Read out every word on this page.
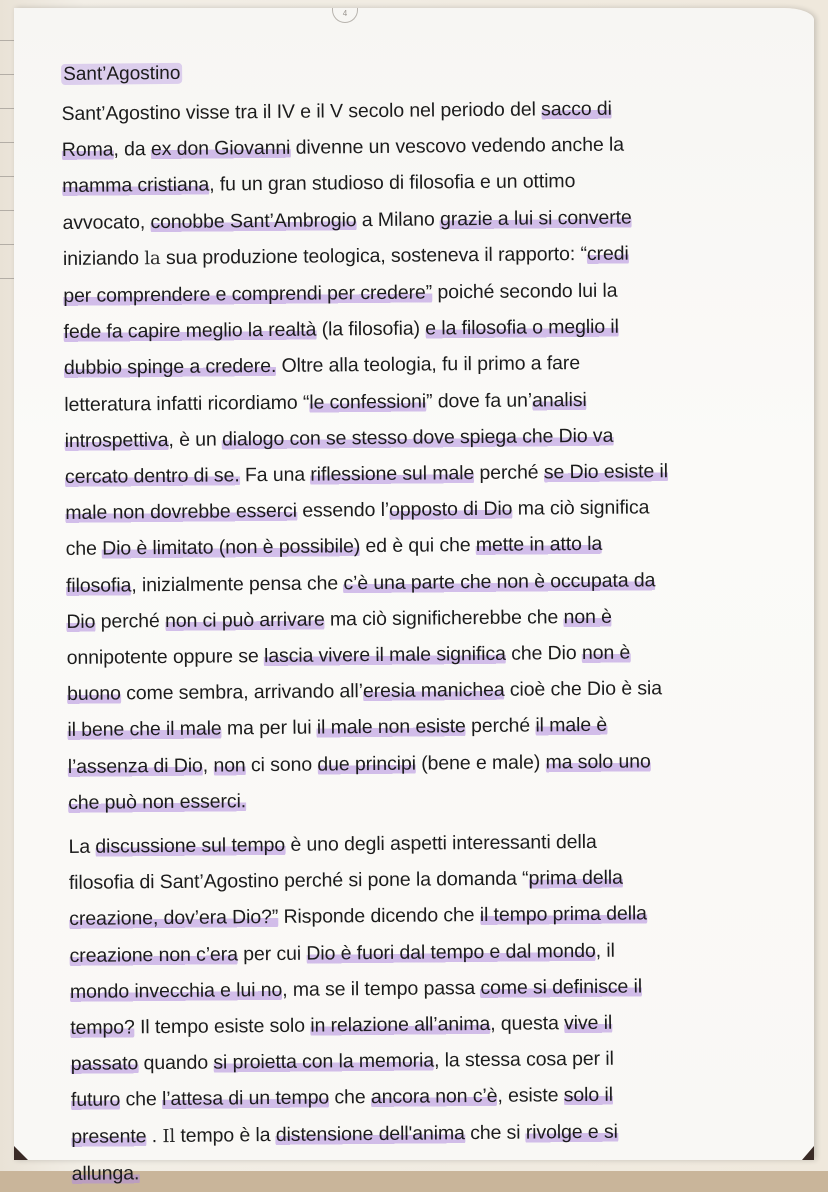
4
Sant’Agostino
Sant’Agostino visse tra il IV e il V secolo nel periodo del sacco di
Roma, da ex don Giovanni divenne un vescovo vedendo anche la
mamma cristiana, fu un gran studioso di filosofia e un ottimo
avvocato, conobbe Sant’Ambrogio a Milano grazie a lui si converte
iniziando la sua produzione teologica, sosteneva il rapporto: “credi
per comprendere e comprendi per credere” poiché secondo lui la
fede fa capire meglio la realtà (la filosofia) e la filosofia o meglio il
dubbio spinge a credere. Oltre alla teologia, fu il primo a fare
letteratura infatti ricordiamo “le confessioni” dove fa un’analisi
introspettiva, è un dialogo con se stesso dove spiega che Dio va
cercato dentro di se. Fa una riflessione sul male perché se Dio esiste il
male non dovrebbe esserci essendo l’opposto di Dio ma ciò significa
che Dio è limitato (non è possibile) ed è qui che mette in atto la
filosofia, inizialmente pensa che c’è una parte che non è occupata da
Dio perché non ci può arrivare ma ciò significherebbe che non è
onnipotente oppure se lascia vivere il male significa che Dio non è
buono come sembra, arrivando all’eresia manichea cioè che Dio è sia
il bene che il male ma per lui il male non esiste perché il male è
l’assenza di Dio, non ci sono due principi (bene e male) ma solo uno
che può non esserci.
La discussione sul tempo è uno degli aspetti interessanti della
filosofia di Sant’Agostino perché si pone la domanda “prima della
creazione, dov’era Dio?” Risponde dicendo che il tempo prima della
creazione non c’era per cui Dio è fuori dal tempo e dal mondo, il
mondo invecchia e lui no, ma se il tempo passa come si definisce il
tempo? Il tempo esiste solo in relazione all’anima, questa vive il
passato quando si proietta con la memoria, la stessa cosa per il
futuro che l’attesa di un tempo che ancora non c’è, esiste solo il
presente . Il tempo è la distensione dell'anima che si rivolge e si
allunga.
